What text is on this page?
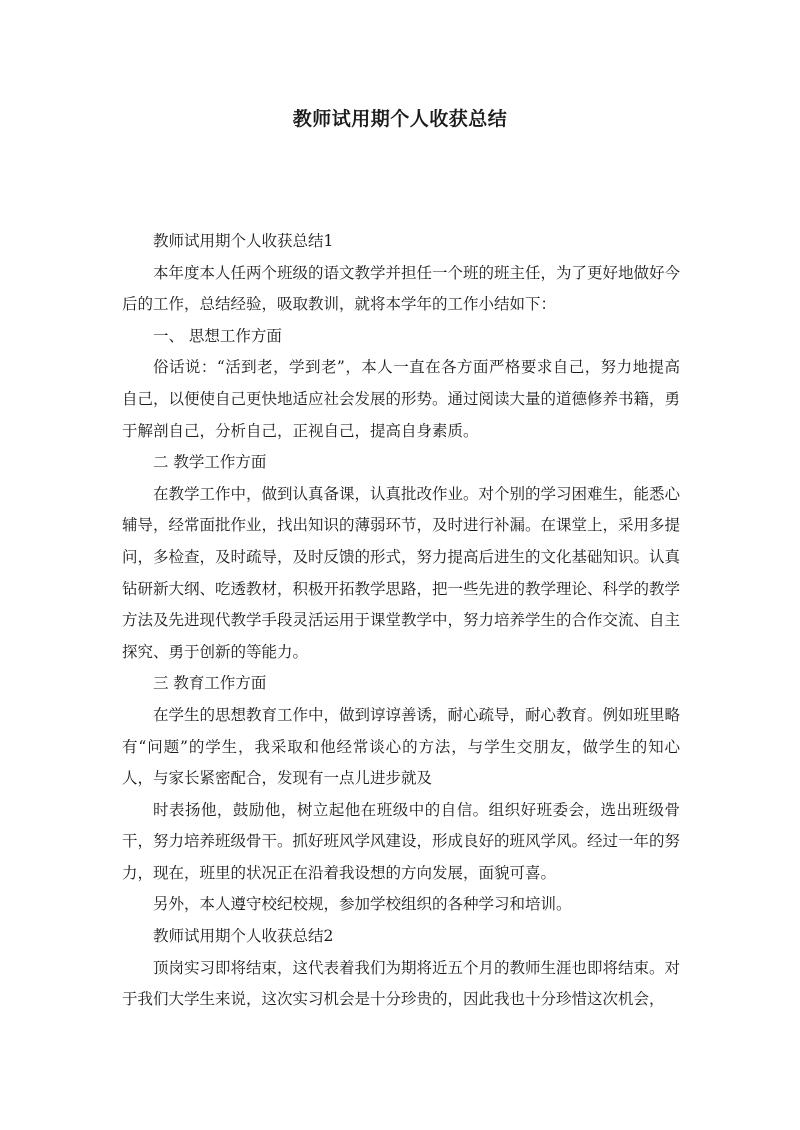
教师试用期个人收获总结

教师试用期个人收获总结1

本年度本人任两个班级的语文教学并担任一个班的班主任，为了更好地做好今后的工作，总结经验，吸取教训，就将本学年的工作小结如下：

一、 思想工作方面

俗话说：“活到老，学到老”，本人一直在各方面严格要求自己，努力地提高自己，以便使自己更快地适应社会发展的形势。通过阅读大量的道德修养书籍，勇于解剖自己，分析自己，正视自己，提高自身素质。

二 教学工作方面

在教学工作中，做到认真备课，认真批改作业。对个别的学习困难生，能悉心辅导，经常面批作业，找出知识的薄弱环节，及时进行补漏。在课堂上，采用多提问，多检查，及时疏导，及时反馈的形式，努力提高后进生的文化基础知识。认真钻研新大纲、吃透教材，积极开拓教学思路，把一些先进的教学理论、科学的教学方法及先进现代教学手段灵活运用于课堂教学中，努力培养学生的合作交流、自主探究、勇于创新的等能力。

三 教育工作方面

在学生的思想教育工作中，做到谆谆善诱，耐心疏导，耐心教育。例如班里略有“问题”的学生，我采取和他经常谈心的方法，与学生交朋友，做学生的知心人，与家长紧密配合，发现有一点儿进步就及

时表扬他，鼓励他，树立起他在班级中的自信。组织好班委会，选出班级骨干，努力培养班级骨干。抓好班风学风建设，形成良好的班风学风。经过一年的努力，现在，班里的状况正在沿着我设想的方向发展，面貌可喜。

另外，本人遵守校纪校规，参加学校组织的各种学习和培训。

教师试用期个人收获总结2

顶岗实习即将结束，这代表着我们为期将近五个月的教师生涯也即将结束。对于我们大学生来说，这次实习机会是十分珍贵的，因此我也十分珍惜这次机会，
